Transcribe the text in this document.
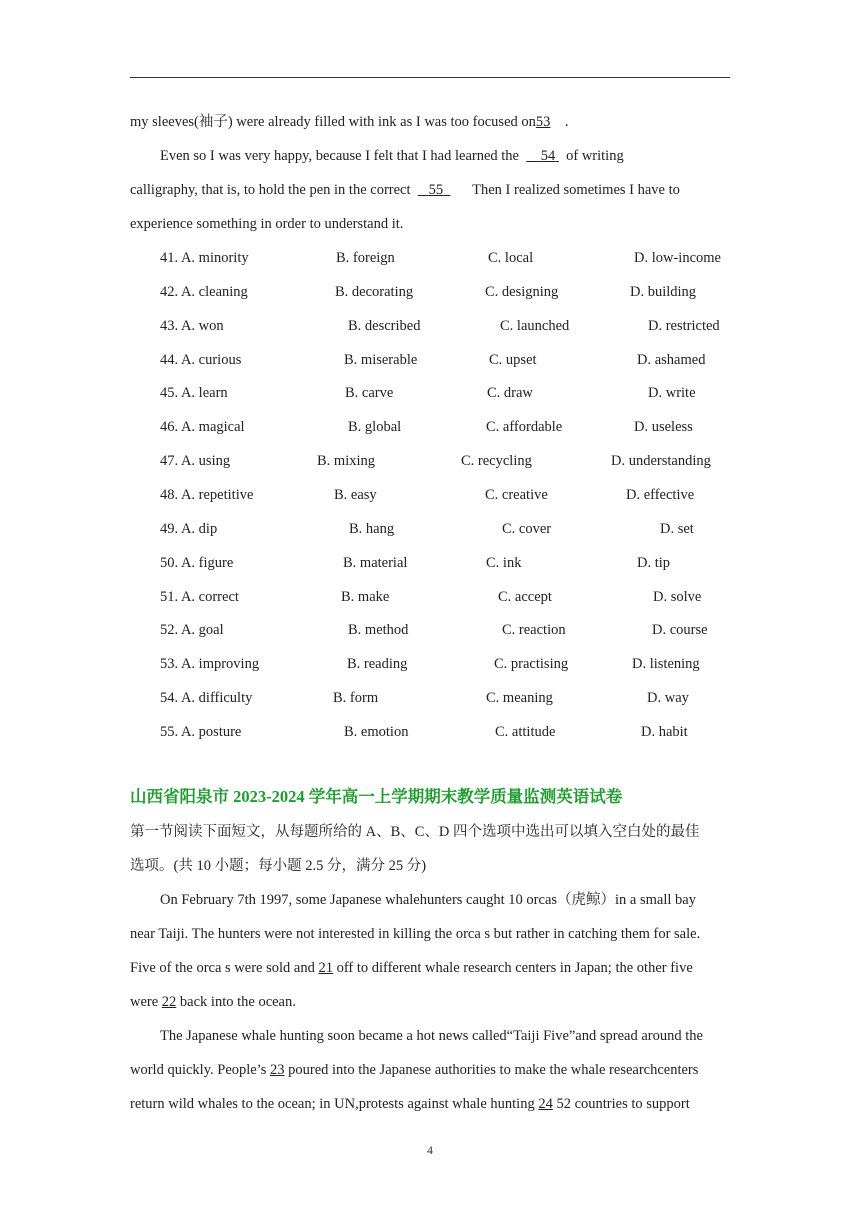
my sleeves(袖子) were already filled with ink as I was too focused on53 .
Even so I was very happy, because I felt that I had learned the 54 of writing
calligraphy, that is, to hold the pen in the correct 55 Then I realized sometimes I have to
experience something in order to understand it.
41. A. minority	B. foreign	C. local	D. low-income
42. A. cleaning	B. decorating	C. designing	D. building
43. A. won	B. described	C. launched	D. restricted
44. A. curious	B. miserable	C. upset	D. ashamed
45. A. learn	B. carve	C. draw	D. write
46. A. magical	B. global	C. affordable	D. useless
47. A. using	B. mixing	C. recycling	D. understanding
48. A. repetitive	B. easy	C. creative	D. effective
49. A. dip	B. hang	C. cover	D. set
50. A. figure	B. material	C. ink	D. tip
51. A. correct	B. make	C. accept	D. solve
52. A. goal	B. method	C. reaction	D. course
53. A. improving	B. reading	C. practising	D. listening
54. A. difficulty	B. form	C. meaning	D. way
55. A. posture	B. emotion	C. attitude	D. habit
山西省阳泉市 2023-2024 学年高一上学期期末教学质量监测英语试卷
第一节阅读下面短文，从每题所给的 A、B、C、D 四个选项中选出可以填入空白处的最佳
选项。(共 10 小题；每小题 2.5 分，满分 25 分)
On February 7th 1997, some Japanese whalehunters caught 10 orcas（虎鲸）in a small bay
near Taiji. The hunters were not interested in killing the orca s but rather in catching them for sale.
Five of the orca s were sold and 21 off to different whale research centers in Japan; the other five
were 22 back into the ocean.
The Japanese whale hunting soon became a hot news called“Taiji Five”and spread around the
world quickly. People’s 23 poured into the Japanese authorities to make the whale researchcenters
return wild whales to the ocean; in UN,protests against whale hunting 24 52 countries to support
4
